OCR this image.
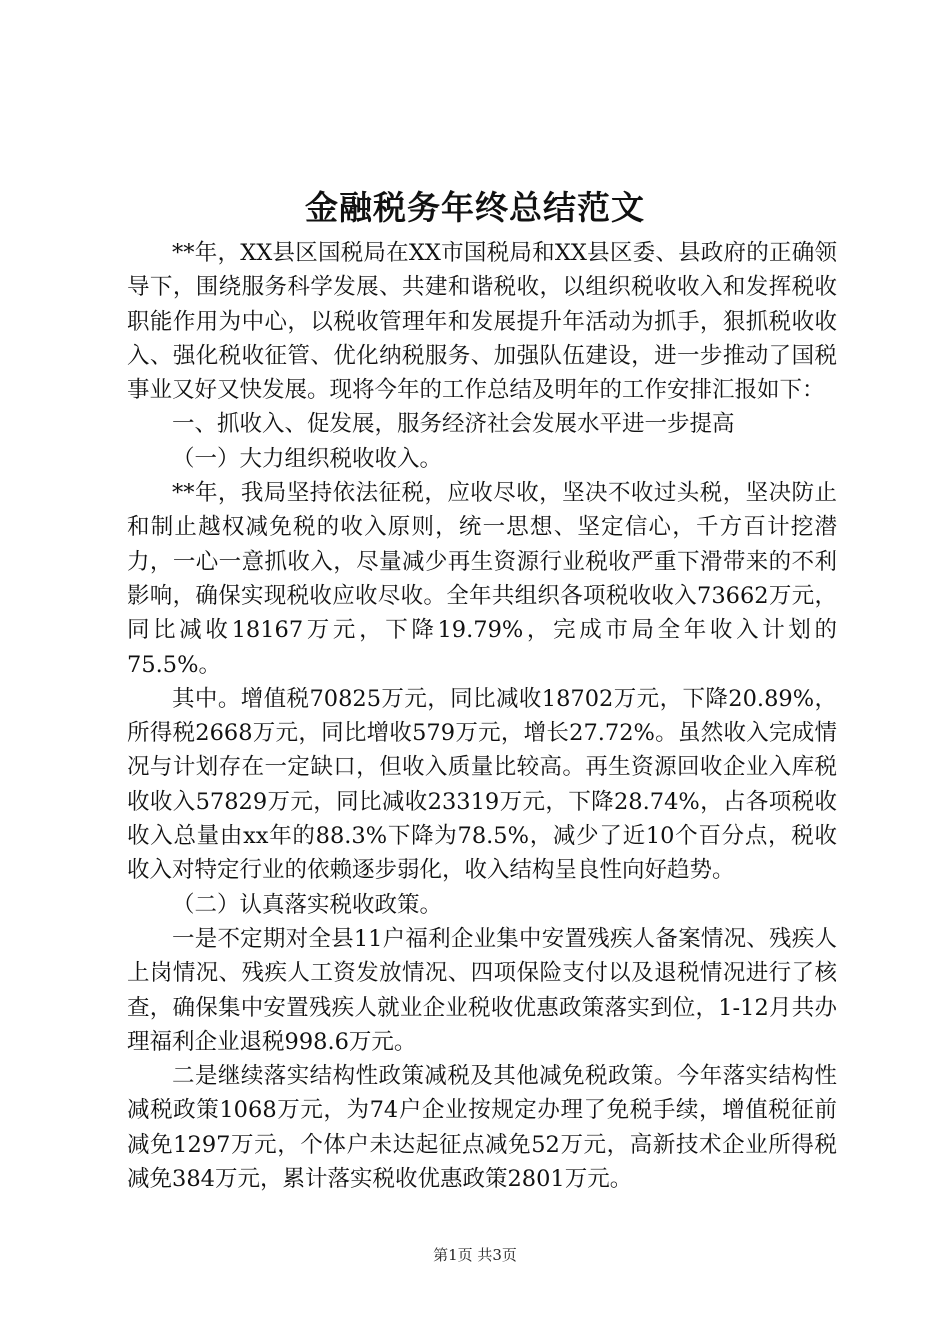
金融税务年终总结范文

**年，XX县区国税局在XX市国税局和XX县区委、县政府的正确领导下，围绕服务科学发展、共建和谐税收，以组织税收收入和发挥税收职能作用为中心，以税收管理年和发展提升年活动为抓手，狠抓税收收入、强化税收征管、优化纳税服务、加强队伍建设，进一步推动了国税事业又好又快发展。现将今年的工作总结及明年的工作安排汇报如下：

一、抓收入、促发展，服务经济社会发展水平进一步提高

（一）大力组织税收收入。

**年，我局坚持依法征税，应收尽收，坚决不收过头税，坚决防止和制止越权减免税的收入原则，统一思想、坚定信心，千方百计挖潜力，一心一意抓收入，尽量减少再生资源行业税收严重下滑带来的不利影响，确保实现税收应收尽收。全年共组织各项税收收入73662万元，同比减收18167万元，下降19.79%，完成市局全年收入计划的75.5%。

其中。增值税70825万元，同比减收18702万元，下降20.89%，所得税2668万元，同比增收579万元，增长27.72%。虽然收入完成情况与计划存在一定缺口，但收入质量比较高。再生资源回收企业入库税收收入57829万元，同比减收23319万元，下降28.74%，占各项税收收入总量由xx年的88.3%下降为78.5%，减少了近10个百分点，税收收入对特定行业的依赖逐步弱化，收入结构呈良性向好趋势。

（二）认真落实税收政策。

一是不定期对全县11户福利企业集中安置残疾人备案情况、残疾人上岗情况、残疾人工资发放情况、四项保险支付以及退税情况进行了核查，确保集中安置残疾人就业企业税收优惠政策落实到位，1-12月共办理福利企业退税998.6万元。

二是继续落实结构性政策减税及其他减免税政策。今年落实结构性减税政策1068万元，为74户企业按规定办理了免税手续，增值税征前减免1297万元，个体户未达起征点减免52万元，高新技术企业所得税减免384万元，累计落实税收优惠政策2801万元。

第1页 共3页
